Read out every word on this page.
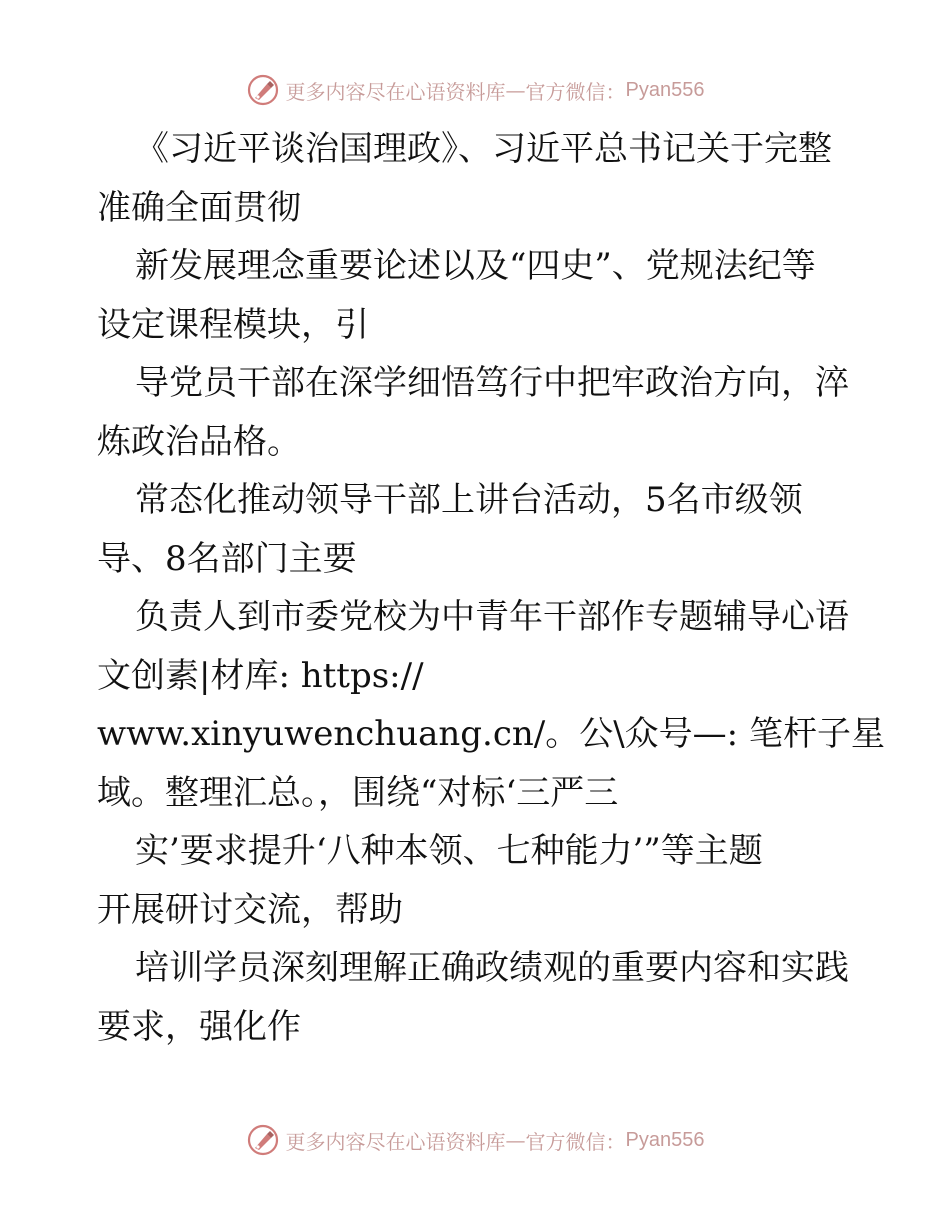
更多内容尽在心语资料库 — 官方微信： Pyan556
《习近平谈治国理政》、习近平总书记关于完整
准确全面贯彻
新发展理念重要论述以及“四史”、党规法纪等
设定课程模块，引
导党员干部在深学细悟笃行中把牢政治方向，淬
炼政治品格。
常态化推动领导干部上讲台活动，5名市级领
导、8名部门主要
负责人到市委党校为中青年干部作专题辅导心语
文创素|材库: https://
www.xinyuwenchuang.cn/。公\众号—: 笔杆子星
域。整理汇总。，围绕“对标‘三严三
实’要求提升‘八种本领、七种能力’”等主题
开展研讨交流，帮助
培训学员深刻理解正确政绩观的重要内容和实践
要求，强化作
更多内容尽在心语资料库 — 官方微信： Pyan556
